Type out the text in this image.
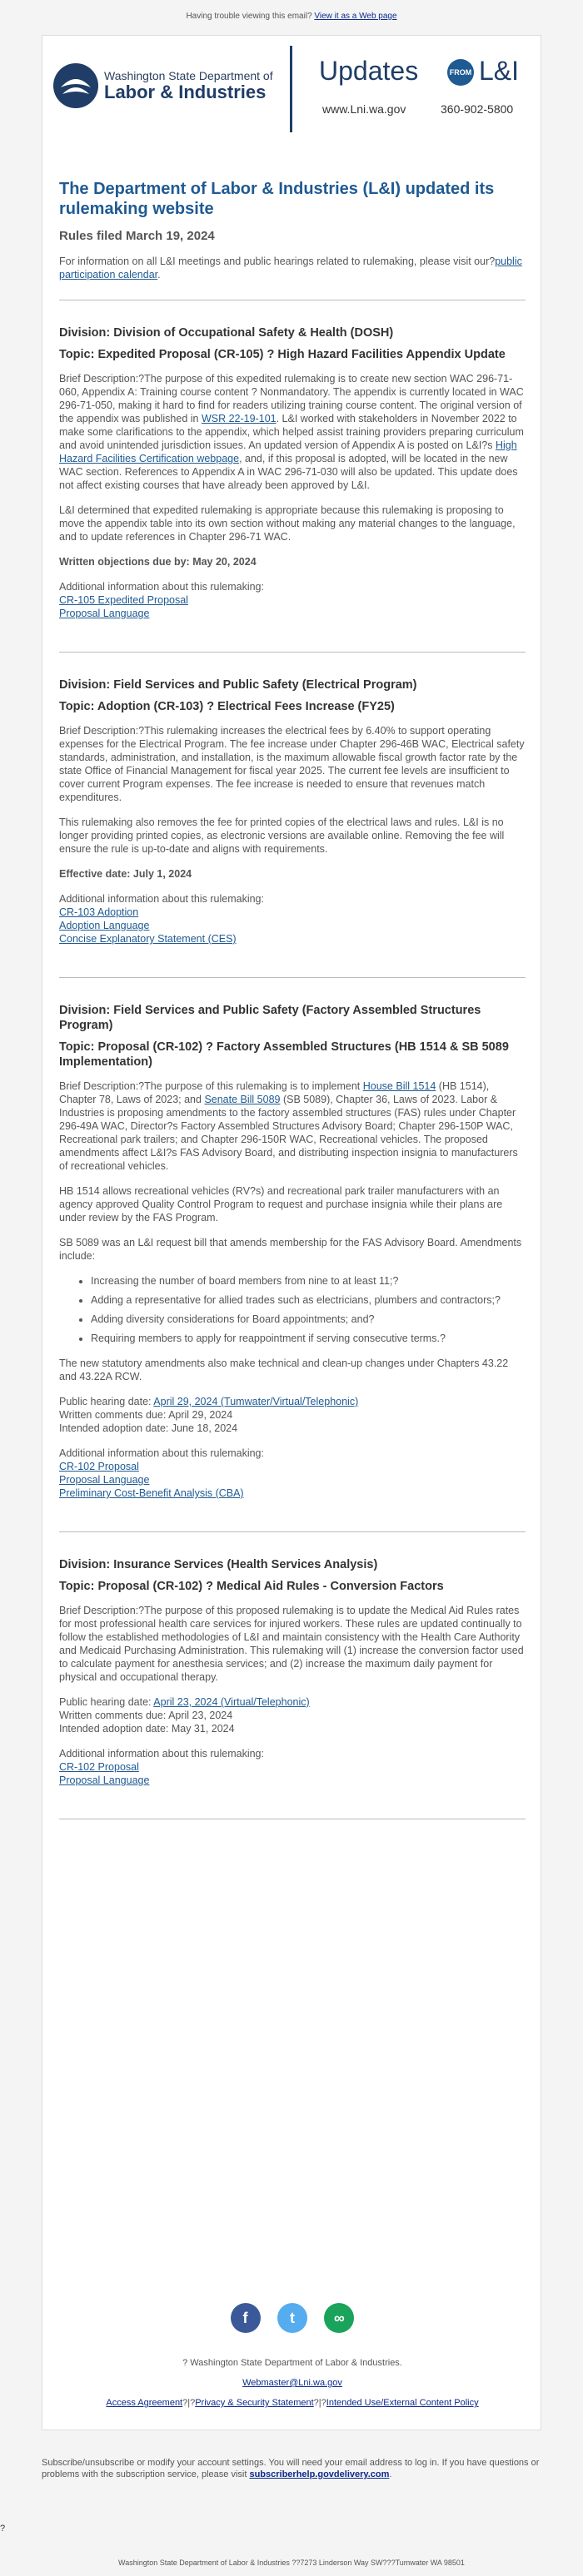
Having trouble viewing this email? View it as a Web page
Washington State Department of
Labor & Industries
Updates	FROM L&I
www.Lni.wa.gov	360-902-5800
The Department of Labor & Industries (L&I) updated its rulemaking website
Rules filed March 19, 2024

For information on all L&I meetings and public hearings related to rulemaking, please visit our?public participation calendar.

Division: Division of Occupational Safety & Health (DOSH)
Topic: Expedited Proposal (CR-105) ? High Hazard Facilities Appendix Update

Brief Description:?The purpose of this expedited rulemaking is to create new section WAC 296-71-060, Appendix A: Training course content ? Nonmandatory. The appendix is currently located in WAC 296-71-050, making it hard to find for readers utilizing training course content. The original version of the appendix was published in WSR 22-19-101. L&I worked with stakeholders in November 2022 to make some clarifications to the appendix, which helped assist training providers preparing curriculum and avoid unintended jurisdiction issues. An updated version of Appendix A is posted on L&I?s High Hazard Facilities Certification webpage, and, if this proposal is adopted, will be located in the new WAC section. References to Appendix A in WAC 296-71-030 will also be updated. This update does not affect existing courses that have already been approved by L&I.

L&I determined that expedited rulemaking is appropriate because this rulemaking is proposing to move the appendix table into its own section without making any material changes to the language, and to update references in Chapter 296-71 WAC.

Written objections due by: May 20, 2024

Additional information about this rulemaking:
CR-105 Expedited Proposal
Proposal Language
Division: Field Services and Public Safety (Electrical Program)
Topic: Adoption (CR-103) ? Electrical Fees Increase (FY25)

Brief Description:?This rulemaking increases the electrical fees by 6.40% to support operating expenses for the Electrical Program. The fee increase under Chapter 296-46B WAC, Electrical safety standards, administration, and installation, is the maximum allowable fiscal growth factor rate by the state Office of Financial Management for fiscal year 2025. The current fee levels are insufficient to cover current Program expenses. The fee increase is needed to ensure that revenues match expenditures.

This rulemaking also removes the fee for printed copies of the electrical laws and rules. L&I is no longer providing printed copies, as electronic versions are available online. Removing the fee will ensure the rule is up-to-date and aligns with requirements.

Effective date: July 1, 2024

Additional information about this rulemaking:
CR-103 Adoption
Adoption Language
Concise Explanatory Statement (CES)
Division: Field Services and Public Safety (Factory Assembled Structures Program)
Topic: Proposal (CR-102) ? Factory Assembled Structures (HB 1514 & SB 5089 Implementation)

Brief Description:?The purpose of this rulemaking is to implement House Bill 1514 (HB 1514), Chapter 78, Laws of 2023; and Senate Bill 5089 (SB 5089), Chapter 36, Laws of 2023. Labor & Industries is proposing amendments to the factory assembled structures (FAS) rules under Chapter 296-49A WAC, Director?s Factory Assembled Structures Advisory Board; Chapter 296-150P WAC, Recreational park trailers; and Chapter 296-150R WAC, Recreational vehicles. The proposed amendments affect L&I?s FAS Advisory Board, and distributing inspection insignia to manufacturers of recreational vehicles.

HB 1514 allows recreational vehicles (RV?s) and recreational park trailer manufacturers with an agency approved Quality Control Program to request and purchase insignia while their plans are under review by the FAS Program.

SB 5089 was an L&I request bill that amends membership for the FAS Advisory Board. Amendments include:

• Increasing the number of board members from nine to at least 11;?
• Adding a representative for allied trades such as electricians, plumbers and contractors;?
• Adding diversity considerations for Board appointments; and?
• Requiring members to apply for reappointment if serving consecutive terms.?

The new statutory amendments also make technical and clean-up changes under Chapters 43.22 and 43.22A RCW.

Public hearing date: April 29, 2024 (Tumwater/Virtual/Telephonic)
Written comments due: April 29, 2024
Intended adoption date: June 18, 2024
Additional information about this rulemaking:
CR-102 Proposal
Proposal Language
Preliminary Cost-Benefit Analysis (CBA)
Division: Insurance Services (Health Services Analysis)
Topic: Proposal (CR-102) ? Medical Aid Rules - Conversion Factors

Brief Description:?The purpose of this proposed rulemaking is to update the Medical Aid Rules rates for most professional health care services for injured workers. These rules are updated continually to follow the established methodologies of L&I and maintain consistency with the Health Care Authority and Medicaid Purchasing Administration. This rulemaking will (1) increase the conversion factor used to calculate payment for anesthesia services; and (2) increase the maximum daily payment for physical and occupational therapy.

Public hearing date: April 23, 2024 (Virtual/Telephonic)
Written comments due: April 23, 2024
Intended adoption date: May 31, 2024
Additional information about this rulemaking:
CR-102 Proposal
Proposal Language
f	t	∞
? Washington State Department of Labor & Industries.
Webmaster@Lni.wa.gov
Access Agreement?|?Privacy & Security Statement?|?Intended Use/External Content Policy
Subscribe/unsubscribe or modify your account settings. You will need your email address to log in. If you have questions or problems with the subscription service, please visit subscriberhelp.govdelivery.com.
?
Washington State Department of Labor & Industries ??7273 Linderson Way SW???Tumwater WA 98501
